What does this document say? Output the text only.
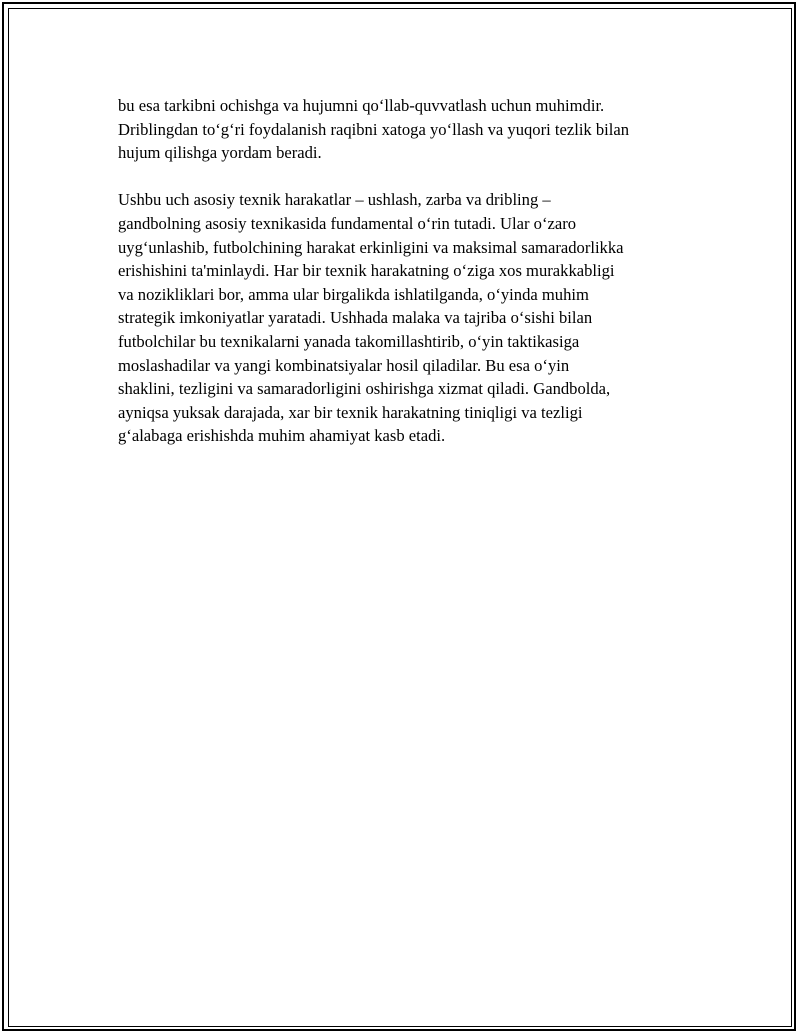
bu esa tarkibni ochishga va hujumni qo‘llab-quvvatlash uchun muhimdir.
Driblingdan to‘g‘ri foydalanish raqibni xatoga yo‘llash va yuqori tezlik bilan
hujum qilishga yordam beradi.
Ushbu uch asosiy texnik harakatlar – ushlash, zarba va dribling –
gandbolning asosiy texnikasida fundamental o‘rin tutadi. Ular o‘zaro
uyg‘unlashib, futbolchining harakat erkinligini va maksimal samaradorlikka
erishishini ta'minlaydi. Har bir texnik harakatning o‘ziga xos murakkabligi
va nozikliklari bor, amma ular birgalikda ishlatilganda, o‘yinda muhim
strategik imkoniyatlar yaratadi. Ushhada malaka va tajriba o‘sishi bilan
futbolchilar bu texnikalarni yanada takomillashtirib, o‘yin taktikasiga
moslashadilar va yangi kombinatsiyalar hosil qiladilar. Bu esa o‘yin
shaklini, tezligini va samaradorligini oshirishga xizmat qiladi. Gandbolda,
ayniqsa yuksak darajada, xar bir texnik harakatning tiniqligi va tezligi
g‘alabaga erishishda muhim ahamiyat kasb etadi.
